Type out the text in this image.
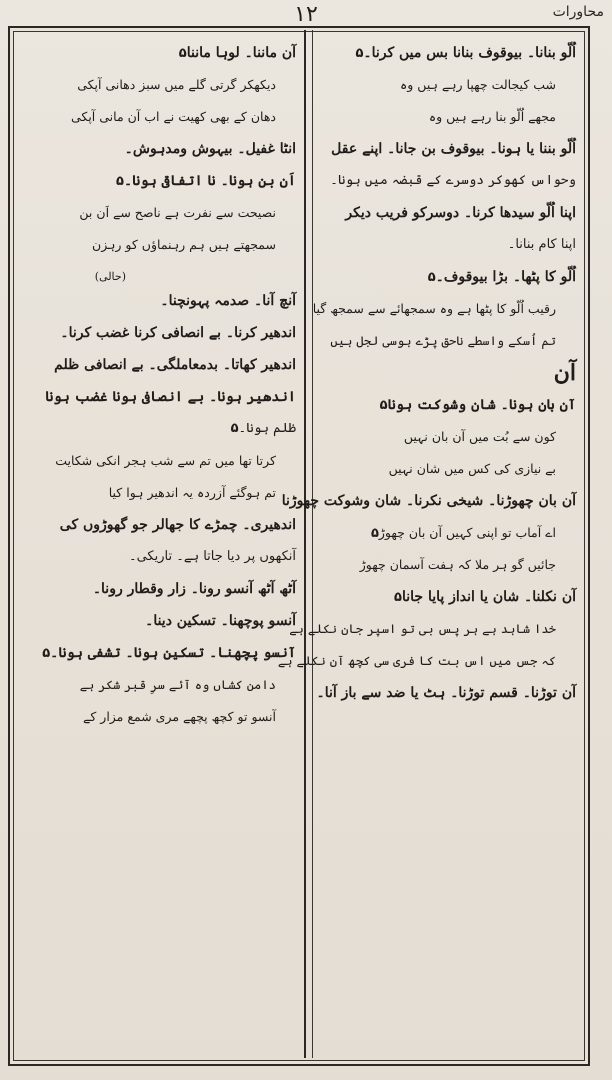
۱۲	محاورات
اُلّو بنانا۔ بیوقوف بنانا بس میں کرنا۔۵
شب کیجالت چھپا رہے ہیں وہ
مجھے اُلّو بنا رہے ہیں وہ
اُلّو بننا یا ہونا۔ بیوقوف بن جانا۔ اپنے عقل
وحواس کھوکر دوسرے کے قبضہ میں ہونا۔
اپنا اُلّو سیدھا کرنا۔ دوسرکو فریب دیکر
اپنا کام بنانا۔
اُلّو کا پٹھا۔ بڑا بیوقوف۔۵
رقیب اُلّو کا پٹھا ہے وہ سمجھائے سے سمجھ گیا
تم اُسکے واسطے ناحق پڑے ہوسی لجل ہیں
آن
آن بان ہونا۔ شان وشوکت ہونا۵
کون سے بُت میں آن بان نہیں
بے نیازی کی کس میں شان نہیں
آن بان چھوڑنا۔ شیخی نکرنا۔ شان وشوکت چھوڑنا
اے آماب تو اپنی کہیں آن بان چھوڑ۵
جائیں گو ہر ملا کہ ہفت آسمان چھوڑ
آن نکلنا۔ شان یا انداز پایا جانا۵
خدا شاہد ہے ہر پس بی تو اسپر جان نکلے ہے
کہ جس میں اس بت کا فری سی کچھ آن نکلے ہے
آن توڑنا۔ قسم توڑنا۔ ہٹ یا ضد سے باز آنا۔
آن ماننا۔ لوہا ماننا۵
دیکھکر گرتی گلے میں سبز دھانی آپکی
دھان کے بھی کھیت نے اب آن مانی آپکی
انٹا غفیل۔ بیہوش ومدہوش۔
اَن بن ہونا۔ نا اتفاقی ہونا۔۵
نصیحت سے نفرت ہے ناصح سے اَن بن
سمجھتے ہیں ہم رہنماؤں کو رہزن
(حالی)
آنچ آنا۔ صدمہ پہونچنا۔
اندھیر کرنا۔ بے انصافی کرنا غضب کرنا۔
اندھیر کھاتا۔ بدمعاملگی۔ بے انصافی ظلم
اندھیر ہونا۔ بے انصافی ہونا غضب ہونا
ظلم ہونا۔۵
کرتا تھا میں تم سے شب ہجر انکی شکایت
تم ہوگئے آزردہ یہ اندھیر ہوا کیا
اندھیری۔ چمڑے کا جھالر جو گھوڑوں کی
آنکھوں پر دیا جاتا ہے۔ تاریکی۔
آٹھ آٹھ آنسو رونا۔ زار وقطار رونا۔
آنسو پوچھنا۔ تسکین دینا۔
آنسو پچھنا۔ تسکین ہونا۔ تشفی ہونا۔۵
دامن کشاں وہ آئے سرِ قبر شکر ہے
آنسو تو کچھ پچھے مری شمع مزار کے
